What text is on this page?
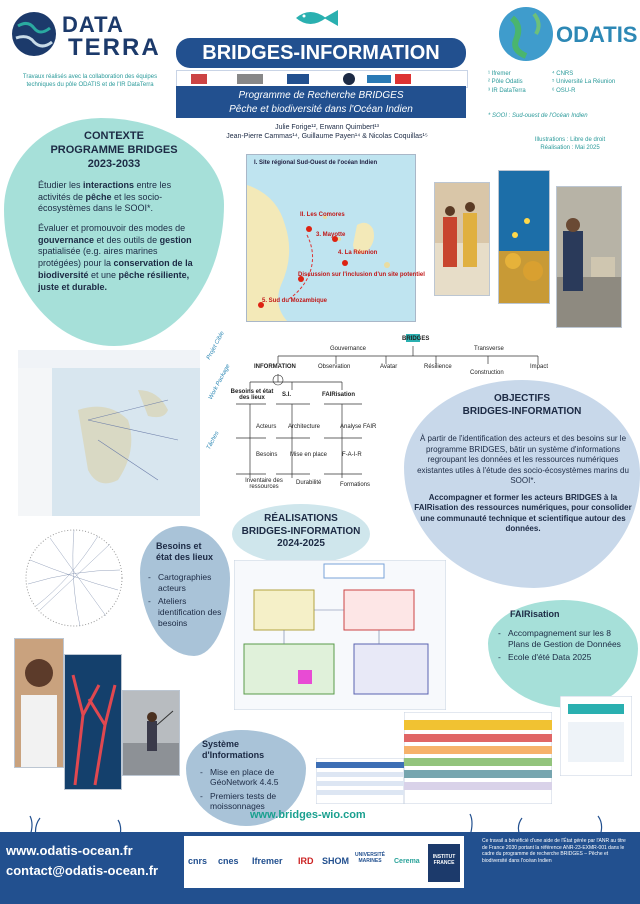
DATA
TERRA
Travaux réalisés avec la collaboration des équipes techniques du pôle ODATIS et de l'IR DataTerra
BRIDGES-INFORMATION
Programme de Recherche BRIDGES
Pêche et biodiversité dans l'Océan Indien
Julie Forige¹², Erwann Quimbert¹³
Jean-Pierre Cammas¹⁴, Guillaume Payen¹⁴ & Nicolas Coquillas¹⁵
ODATIS
¹ Ifremer
² Pôle Odatis
³ IR DataTerra
⁴ CNRS
⁵ Université La Réunion
⁶ OSU-R
* SOOI : Sud-ouest de l'Océan Indien
Illustrations : Libre de droit
Réalisation : Mai 2025
CONTEXTE
PROGRAMME BRIDGES
2023-2033

Étudier les interactions entre les activités de pêche et les socio-écosystèmes dans le SOOI*.

Évaluer et promouvoir des modes de gouvernance et des outils de gestion spatialisée (e.g. aires marines protégées) pour la conservation de la biodiversité et une pêche résiliente, juste et durable.

I. Site régional Sud-Ouest de l'océan Indien
II. Les Comores
3. Mayotte
4. La Réunion
Discussion sur l'inclusion d'un site potentiel
5. Sud du Mozambique
BRIDGES
INFORMATION	Observation
Gouvernance
Avatar	Résilience
Transverse
Construction
Impact
Besoins et état des lieux	S.I.	FAIRisation
Acteurs
Besoins
Inventaire des ressources
Architecture
Mise en place
Durabilité
Analyse FAIR
F-A-I-R
Formations
Projet Cible
Work Package
Tâches
OBJECTIFS
BRIDGES-INFORMATION

À partir de l'identification des acteurs et des besoins sur le programme BRIDGES, bâtir un système d'informations regroupant les données et les ressources numériques existantes utiles à l'étude des socio-écosystèmes marins du SOOI*.

Accompagner et former les acteurs BRIDGES à la FAIRisation des ressources numériques, pour consolider une communauté technique et scientifique autour des données.

RÉALISATIONS
BRIDGES-INFORMATION
2024-2025
Besoins et
état des lieux
- Cartographies acteurs
- Ateliers identification des besoins
FAIRisation
- Accompagnement sur les 8 Plans de Gestion de Données
- Ecole d'été Data 2025
Système
d'Informations
- Mise en place de GéoNetwork 4.4.5
- Premiers tests de moissonnages
www.bridges-wio.com
www.odatis-ocean.fr
contact@odatis-ocean.fr
cnrs cnes Ifremer IRD SHOM
UNIVERSITÉ MARINES	Cerema
INSTITUT FRANCE
Ce travail a bénéficié d'une aide de l'État gérée par l'ANR au titre de France 2030 portant la référence ANR-23-EXMR-001 dans le cadre du programme de recherche BRIDGES – Pêche et biodiversité dans l'océan Indien
